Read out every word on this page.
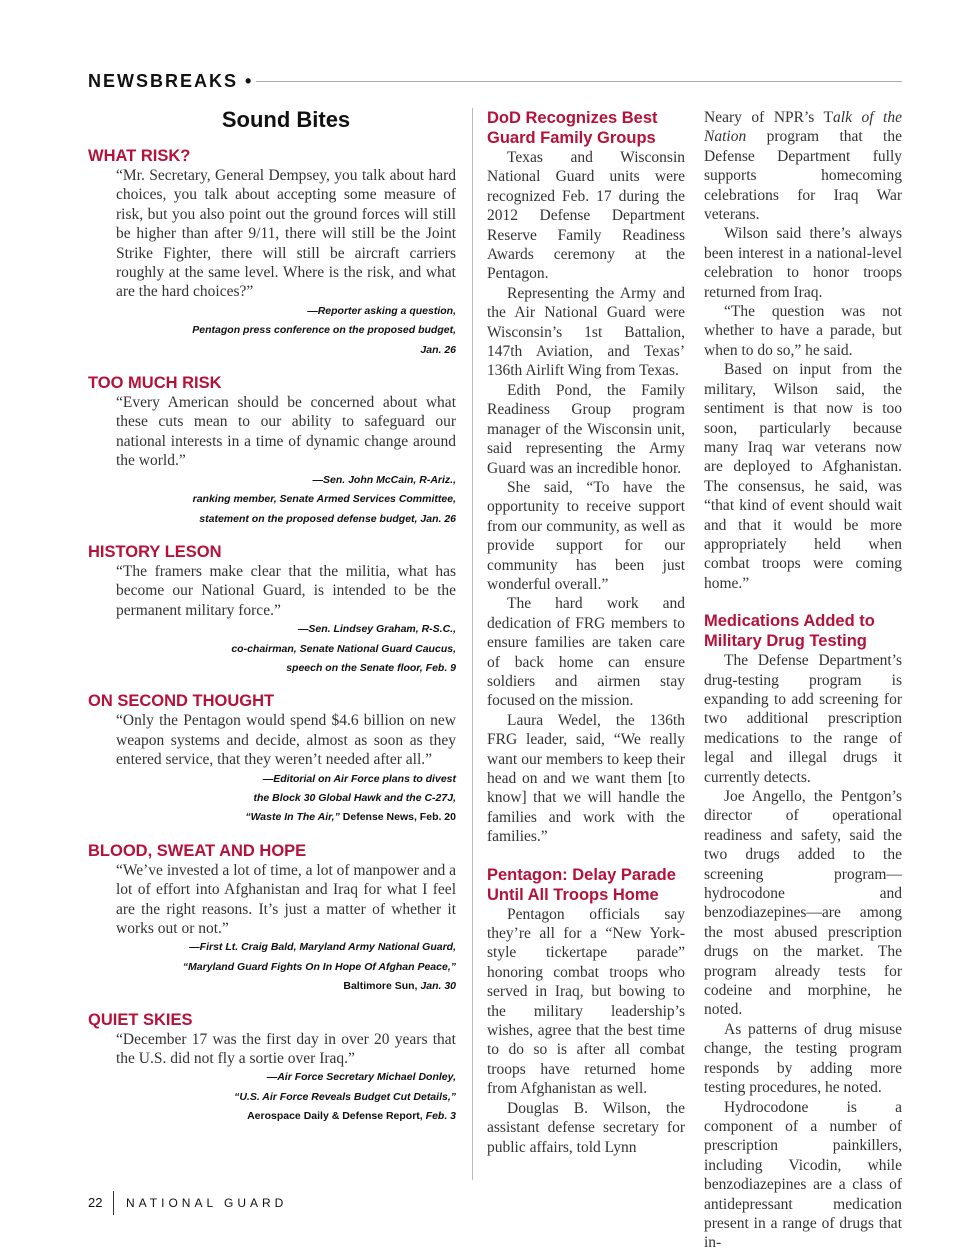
NEWSBREAKS •
Sound Bites
WHAT RISK?

“Mr. Secretary, General Dempsey, you talk about hard choices, you talk about accepting some measure of risk, but you also point out the ground forces will still be higher than after 9/11, there will still be the Joint Strike Fighter, there will still be aircraft carriers roughly at the same level. Where is the risk, and what are the hard choices?”

—Reporter asking a question,

Pentagon press conference on the proposed budget,

Jan. 26

TOO MUCH RISK

“Every American should be concerned about what these cuts mean to our ability to safeguard our national interests in a time of dynamic change around the world.”

—Sen. John McCain, R-Ariz.,

ranking member, Senate Armed Services Committee,

statement on the proposed defense budget, Jan. 26

HISTORY LESON

“The framers make clear that the militia, what has become our National Guard, is intended to be the permanent military force.”

—Sen. Lindsey Graham, R-S.C.,

co-chairman, Senate National Guard Caucus,

speech on the Senate floor, Feb. 9

ON SECOND THOUGHT

“Only the Pentagon would spend $4.6 billion on new weapon systems and decide, almost as soon as they entered service, that they weren’t needed after all.”

—Editorial on Air Force plans to divest

the Block 30 Global Hawk and the C-27J,

“Waste In The Air,” Defense News, Feb. 20

BLOOD, SWEAT AND HOPE

“We’ve invested a lot of time, a lot of manpower and a lot of effort into Afghanistan and Iraq for what I feel are the right reasons. It’s just a matter of whether it works out or not.”

—First Lt. Craig Bald, Maryland Army National Guard,

“Maryland Guard Fights On In Hope Of Afghan Peace,”

Baltimore Sun, Jan. 30

QUIET SKIES

“December 17 was the first day in over 20 years that the U.S. did not fly a sortie over Iraq.”

—Air Force Secretary Michael Donley,

“U.S. Air Force Reveals Budget Cut Details,”

Aerospace Daily & Defense Report, Feb. 3

DoD Recognizes Best Guard Family Groups

Texas and Wisconsin National Guard units were recognized Feb. 17 during the 2012 Defense Department Reserve Family Readiness Awards ceremony at the Pentagon.

Representing the Army and the Air National Guard were Wisconsin’s 1st Battalion, 147th Aviation, and Texas’ 136th Airlift Wing from Texas.

Edith Pond, the Family Readiness Group program manager of the Wisconsin unit, said representing the Army Guard was an incredible honor.

She said, “To have the opportunity to receive support from our community, as well as provide support for our community has been just wonderful overall.”

The hard work and dedication of FRG members to ensure families are taken care of back home can ensure soldiers and airmen stay focused on the mission.

Laura Wedel, the 136th FRG leader, said, “We really want our members to keep their head on and we want them [to know] that we will handle the families and work with the families.”

Pentagon: Delay Parade Until All Troops Home

Pentagon officials say they’re all for a “New York-style tickertape parade” honoring combat troops who served in Iraq, but bowing to the military leadership’s wishes, agree that the best time to do so is after all combat troops have returned home from Afghanistan as well.

Douglas B. Wilson, the assistant defense secretary for public affairs, told Lynn

Neary of NPR’s Talk of the Nation program that the Defense Department fully supports homecoming celebrations for Iraq War veterans.

Wilson said there’s always been interest in a national-level celebration to honor troops returned from Iraq.

“The question was not whether to have a parade, but when to do so,” he said.

Based on input from the military, Wilson said, the sentiment is that now is too soon, particularly because many Iraq war veterans now are deployed to Afghanistan. The consensus, he said, was “that kind of event should wait and that it would be more appropriately held when combat troops were coming home.”

Medications Added to Military Drug Testing

The Defense Department’s drug-testing program is expanding to add screening for two additional prescription medications to the range of legal and illegal drugs it currently detects.

Joe Angello, the Pentgon’s director of operational readiness and safety, said the two drugs added to the screening program—hydrocodone and benzodiazepines—are among the most abused prescription drugs on the market. The program already tests for codeine and morphine, he noted.

As patterns of drug misuse change, the testing program responds by adding more testing procedures, he noted.

Hydrocodone is a component of a number of prescription painkillers, including Vicodin, while benzodiazepines are a class of antidepressant medication present in a range of drugs that in-

22 NATIONAL GUARD
